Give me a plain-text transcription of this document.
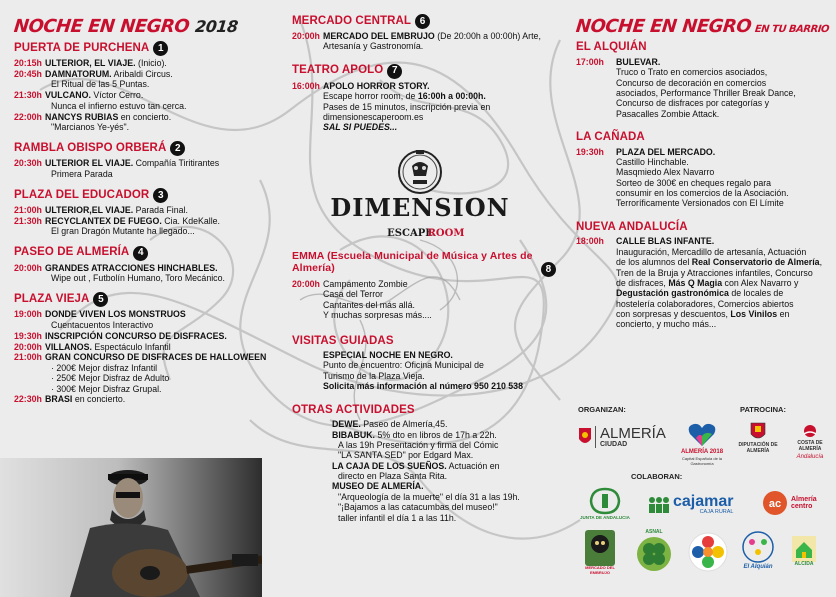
NOCHE EN NEGRO 2018
PUERTA DE PURCHENA 1
20:15h ULTERIOR, EL VIAJE. (Inicio).
20:45h DAMNATORUM. Aribaldi Circus.
El Ritual de las 5 Puntas.
21:30h VULCANO. Víctor Cerro.
Nunca el infierno estuvo tan cerca.
22:00h NANCYS RUBIAS en concierto.
"Marcianos Ye-yés".
RAMBLA OBISPO ORBERÁ 2
20:30h ULTERIOR EL VIAJE. Compañía Tiritirantes
Primera Parada
PLAZA DEL EDUCADOR 3
21:00h ULTERIOR,EL VIAJE. Parada Final.
21:30h RECYCLANTEX DE FUEGO. Cia. KdeKalle.
El gran Dragón Mutante ha llegado...
PASEO DE ALMERÍA 4
20:00h GRANDES ATRACCIONES HINCHABLES.
Wipe out , Futbolín Humano, Toro Mecánico.
PLAZA VIEJA 5
19:00h DONDE VIVEN LOS MONSTRUOS
Cuentacuentos Interactivo
19:30h INSCRIPCIÓN CONCURSO DE DISFRACES.
20:00h VILLANOS. Espectáculo Infantil
21:00h GRAN CONCURSO DE DISFRACES DE HALLOWEEN
· 200€ Mejor disfraz Infantil
· 250€ Mejor Disfraz de Adulto
· 300€ Mejor Disfraz Grupal.
22:30h BRASI en concierto.
MERCADO CENTRAL 6
20:00h MERCADO DEL EMBRUJO (De 20:00h a 00:00h) Arte, Artesanía y Gastronomía.
TEATRO APOLO 7
16:00h APOLO HORROR STORY.
Escape horror room, de 16:00h a 00:00h.
Pases de 15 minutos, inscripción previa en
dimensionescaperoom.es
SAL SI PUEDES...
DIMENSION
ESCAPE
ROOM
EMMA (Escuela Municipal de Música y Artes de Almería)	8
20:00h Campamento Zombie
Casa del Terror
Cantantes del más allá.
Y muchas sorpresas más....
VISITAS GUIADAS
ESPECIAL NOCHE EN NEGRO.
Punto de encuentro: Oficina Municipal de
Turismo de la Plaza Vieja.
Solicita más información al número 950 210 538
OTRAS ACTIVIDADES
DEWE. Paseo de Almería,45.
BIBABUK. 5% dto en libros de 17h a 22h.
A las 19h Presentación y firma del Cómic
"LA SANTA SED" por Edgard Max.
LA CAJA DE LOS SUEÑOS. Actuación en
directo en Plaza Santa Rita.
MUSEO DE ALMERÍA.
"Arqueología de la muerte" el día 31 a las 19h.
"¡Bajamos a las catacumbas del museo!"
taller infantil el día 1 a las 11h.
NOCHE EN NEGRO EN TU BARRIO
EL ALQUIÁN
17:00h	BULEVAR.
Truco o Trato en comercios asociados,
Concurso de decoración en comercios
asociados, Performance Thriller Break Dance,
Concurso de disfraces por categorías y
Pasacalles Zombie Attack.
LA CAÑADA
19:30h	PLAZA DEL MERCADO.
Castillo Hinchable.
Masqmiedo Alex Navarro
Sorteo de 300€ en cheques regalo para
consumir en los comercios de la Asociación.
Terroríficamente Versionados con El Límite
NUEVA ANDALUCÍA
18:00h	CALLE BLAS INFANTE.
Inauguración, Mercadillo de artesanía, Actuación
de los alumnos del Real Conservatorio de Almería,
Tren de la Bruja y Atracciones infantiles, Concurso
de disfraces, Más Q Magia con Alex Navarro y
Degustación gastronómica de locales de
hostelería colaboradores, Comercios abiertos
con sorpresas y descuentos, Los Vinilos en
concierto, y mucho más...
ORGANIZAN:	PATROCINA:
ALMERÍA
CIUDAD
ALMERÍA 2018
Capital Española de la Gastronomía
DIPUTACIÓN DE ALMERÍA
COSTA DE ALMERÍA
Andalucía
COLABORAN:
JUNTA DE ANDALUCIA
cajamar
CAJA RURAL
ac Almería centro
MERCADO DEL EMBRUJO
ASNAL
El Alquián	ALCIDA
